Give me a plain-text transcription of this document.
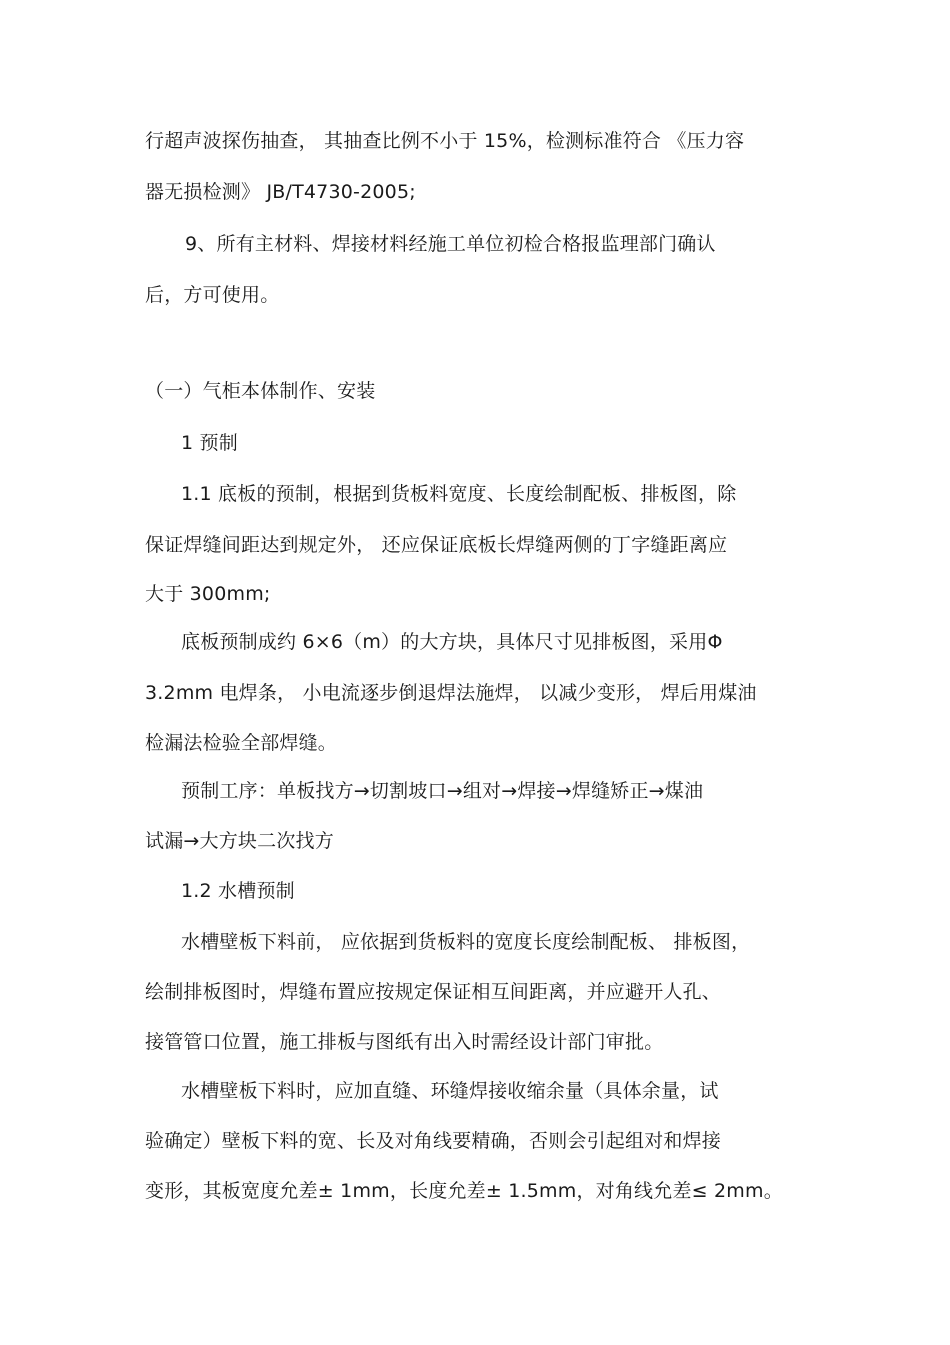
行超声波探伤抽查， 其抽查比例不小于 15%，检测标准符合 《压力容
器无损检测》 JB/T4730-2005;
9、所有主材料、焊接材料经施工单位初检合格报监理部门确认
后，方可使用。
（一）气柜本体制作、安装
1 预制
1.1 底板的预制，根据到货板料宽度、长度绘制配板、排板图，除
保证焊缝间距达到规定外， 还应保证底板长焊缝两侧的丁字缝距离应
大于 300mm;
底板预制成约 6×6（m）的大方块，具体尺寸见排板图，采用Φ
3.2mm 电焊条， 小电流逐步倒退焊法施焊， 以减少变形， 焊后用煤油
检漏法检验全部焊缝。
预制工序：单板找方→切割坡口→组对→焊接→焊缝矫正→煤油
试漏→大方块二次找方
1.2 水槽预制
水槽壁板下料前， 应依据到货板料的宽度长度绘制配板、 排板图，
绘制排板图时，焊缝布置应按规定保证相互间距离，并应避开人孔、
接管管口位置，施工排板与图纸有出入时需经设计部门审批。
水槽壁板下料时，应加直缝、环缝焊接收缩余量（具体余量，试
验确定）壁板下料的宽、长及对角线要精确，否则会引起组对和焊接
变形，其板宽度允差± 1mm，长度允差± 1.5mm，对角线允差≤ 2mm。
